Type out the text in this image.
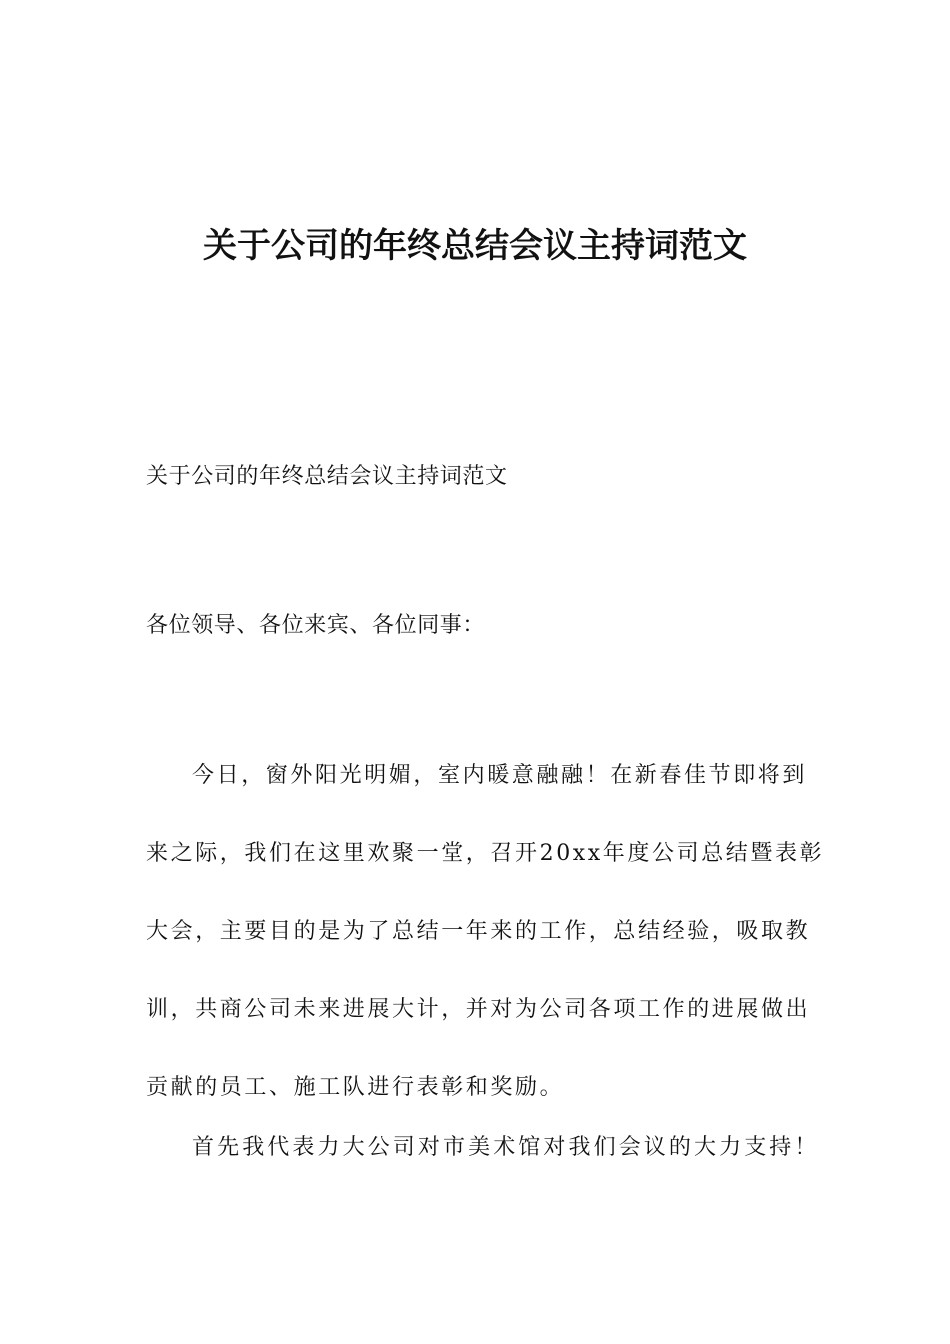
关于公司的年终总结会议主持词范文
关于公司的年终总结会议主持词范文
各位领导、各位来宾、各位同事：
今日，窗外阳光明媚，室内暖意融融！在新春佳节即将到
来之际，我们在这里欢聚一堂，召开20xx年度公司总结暨表彰
大会，主要目的是为了总结一年来的工作，总结经验，吸取教
训，共商公司未来进展大计，并对为公司各项工作的进展做出
贡献的员工、施工队进行表彰和奖励。
首先我代表力大公司对市美术馆对我们会议的大力支持！
